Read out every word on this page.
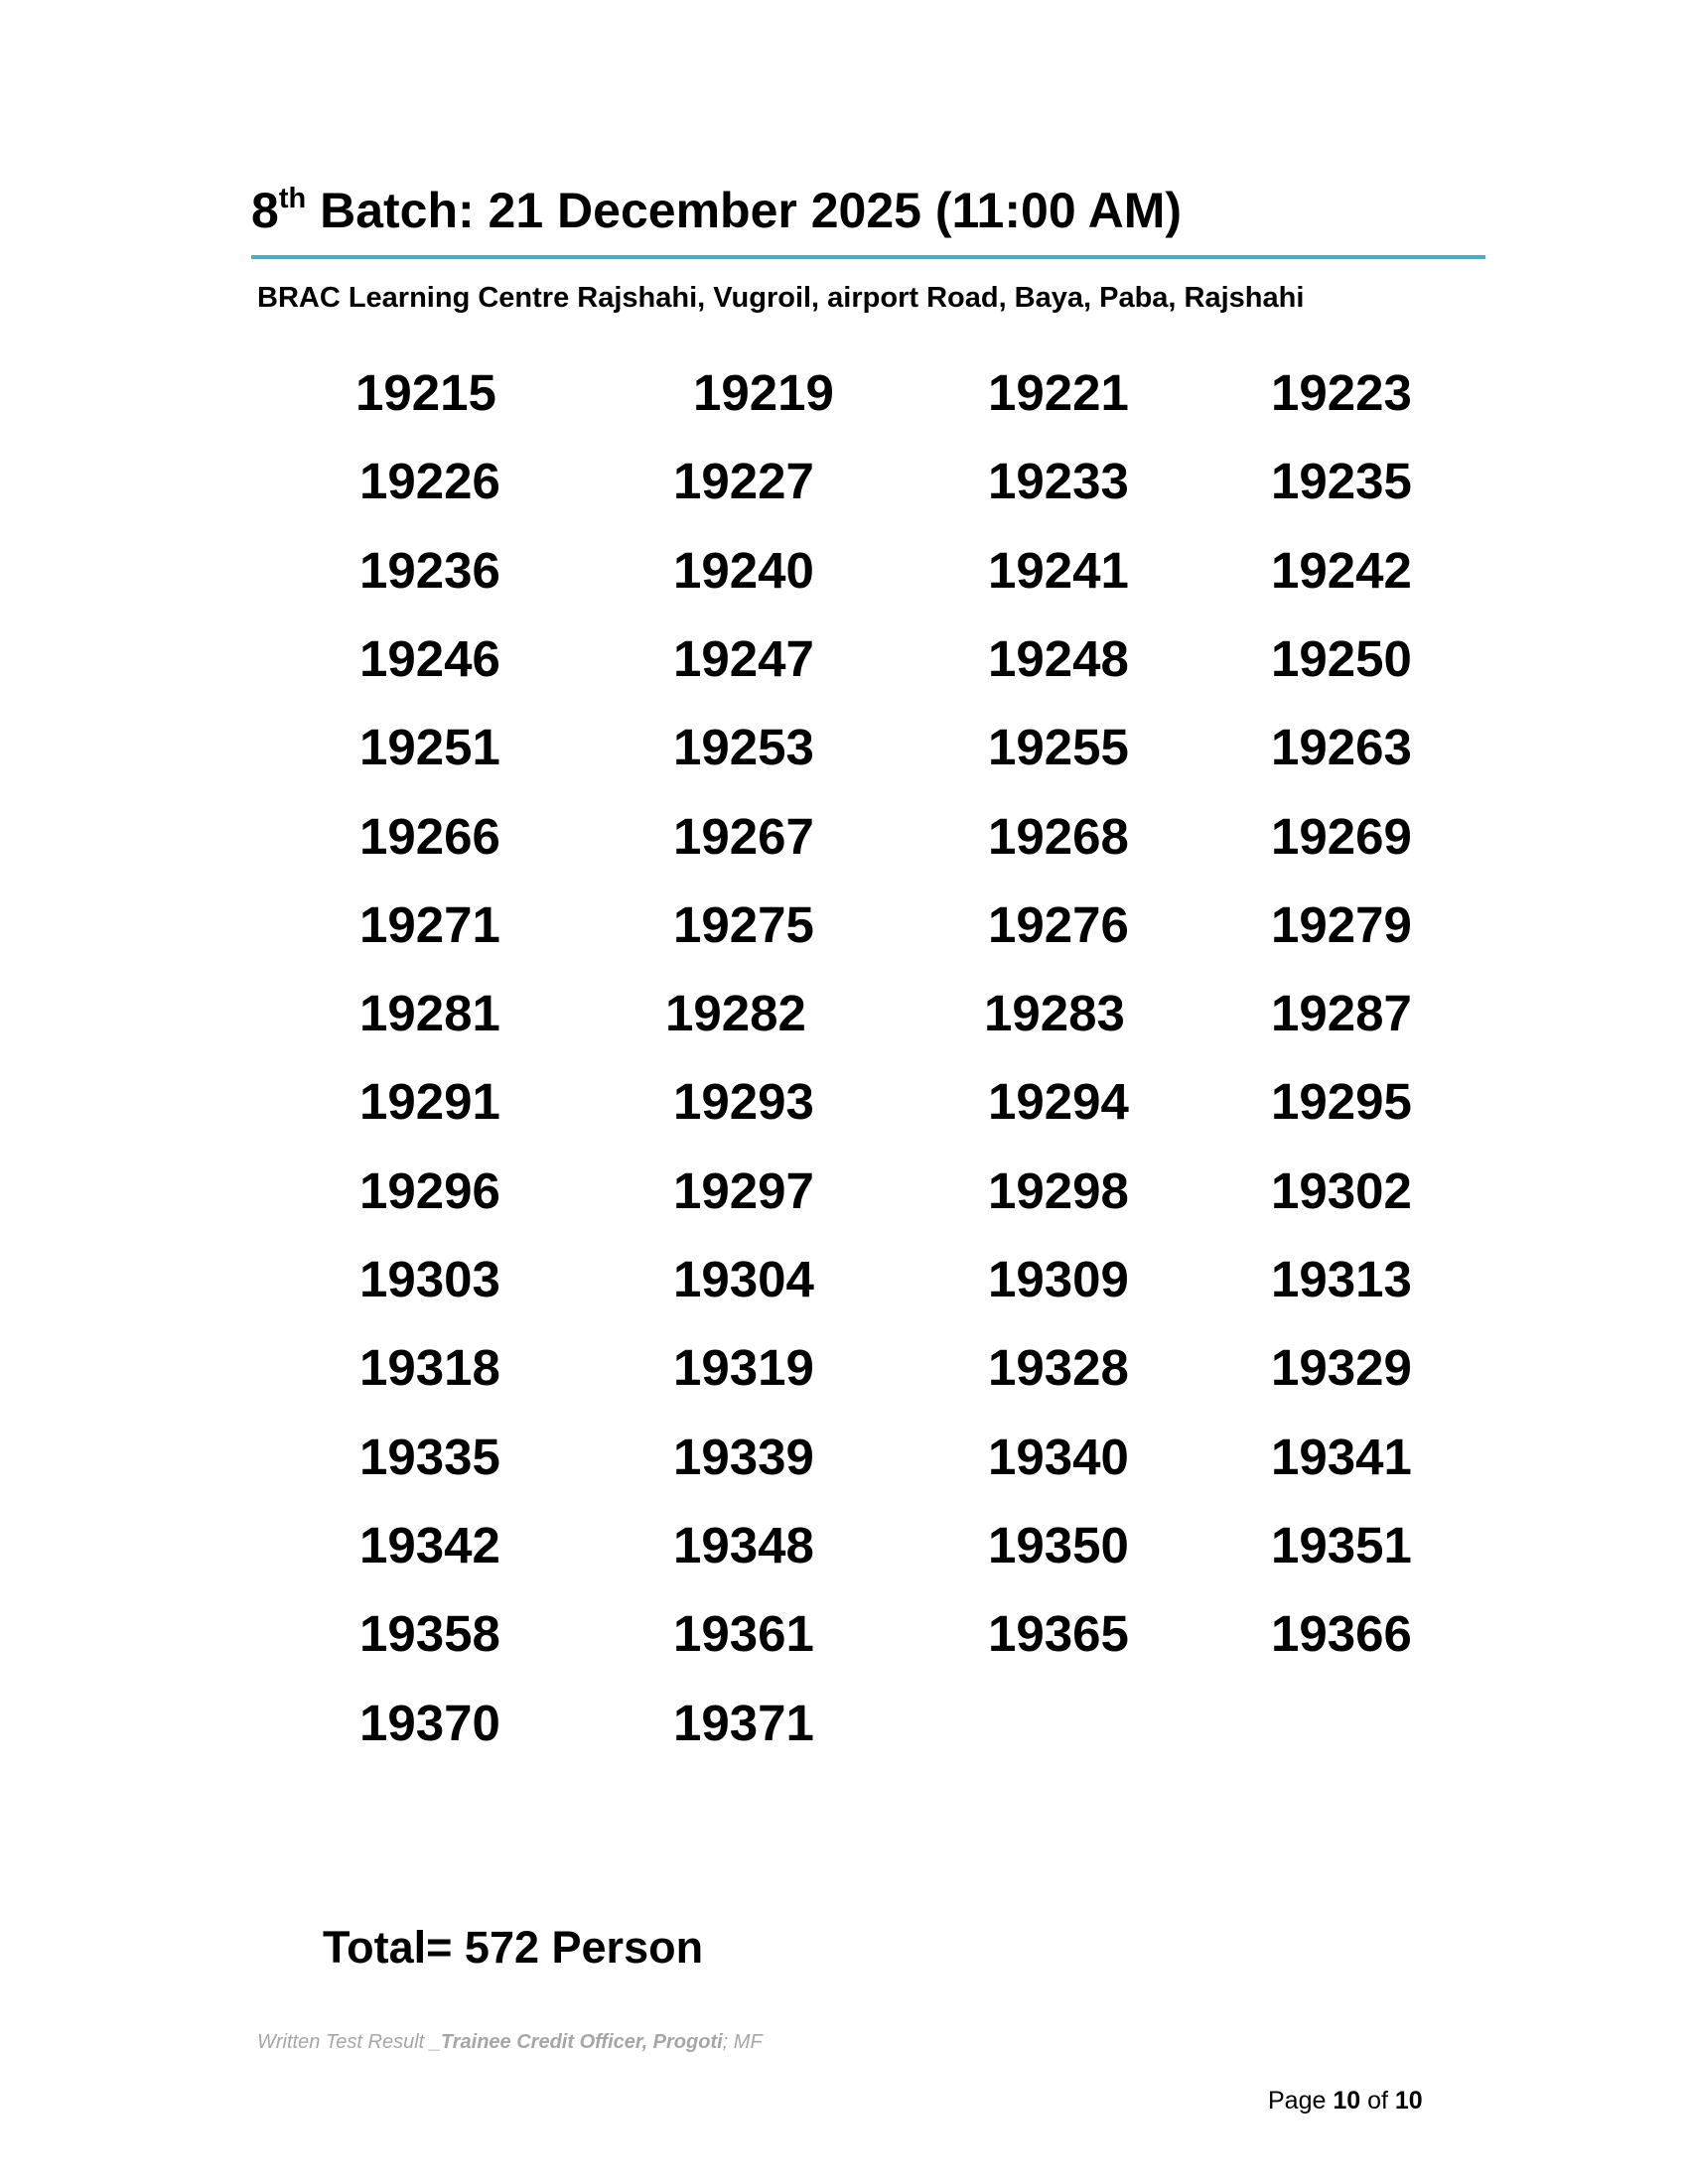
8th Batch: 21 December 2025 (11:00 AM)
BRAC Learning Centre Rajshahi, Vugroil, airport Road, Baya, Paba, Rajshahi
19215	19219	19221	19223
19226	19227	19233	19235
19236	19240	19241	19242
19246	19247	19248	19250
19251	19253	19255	19263
19266	19267	19268	19269
19271	19275	19276	19279
19281	19282	19283	19287
19291	19293	19294	19295
19296	19297	19298	19302
19303	19304	19309	19313
19318	19319	19328	19329
19335	19339	19340	19341
19342	19348	19350	19351
19358	19361	19365	19366
19370	19371
Total= 572 Person
Written Test Result _Trainee Credit Officer, Progoti; MF
Page 10 of 10
